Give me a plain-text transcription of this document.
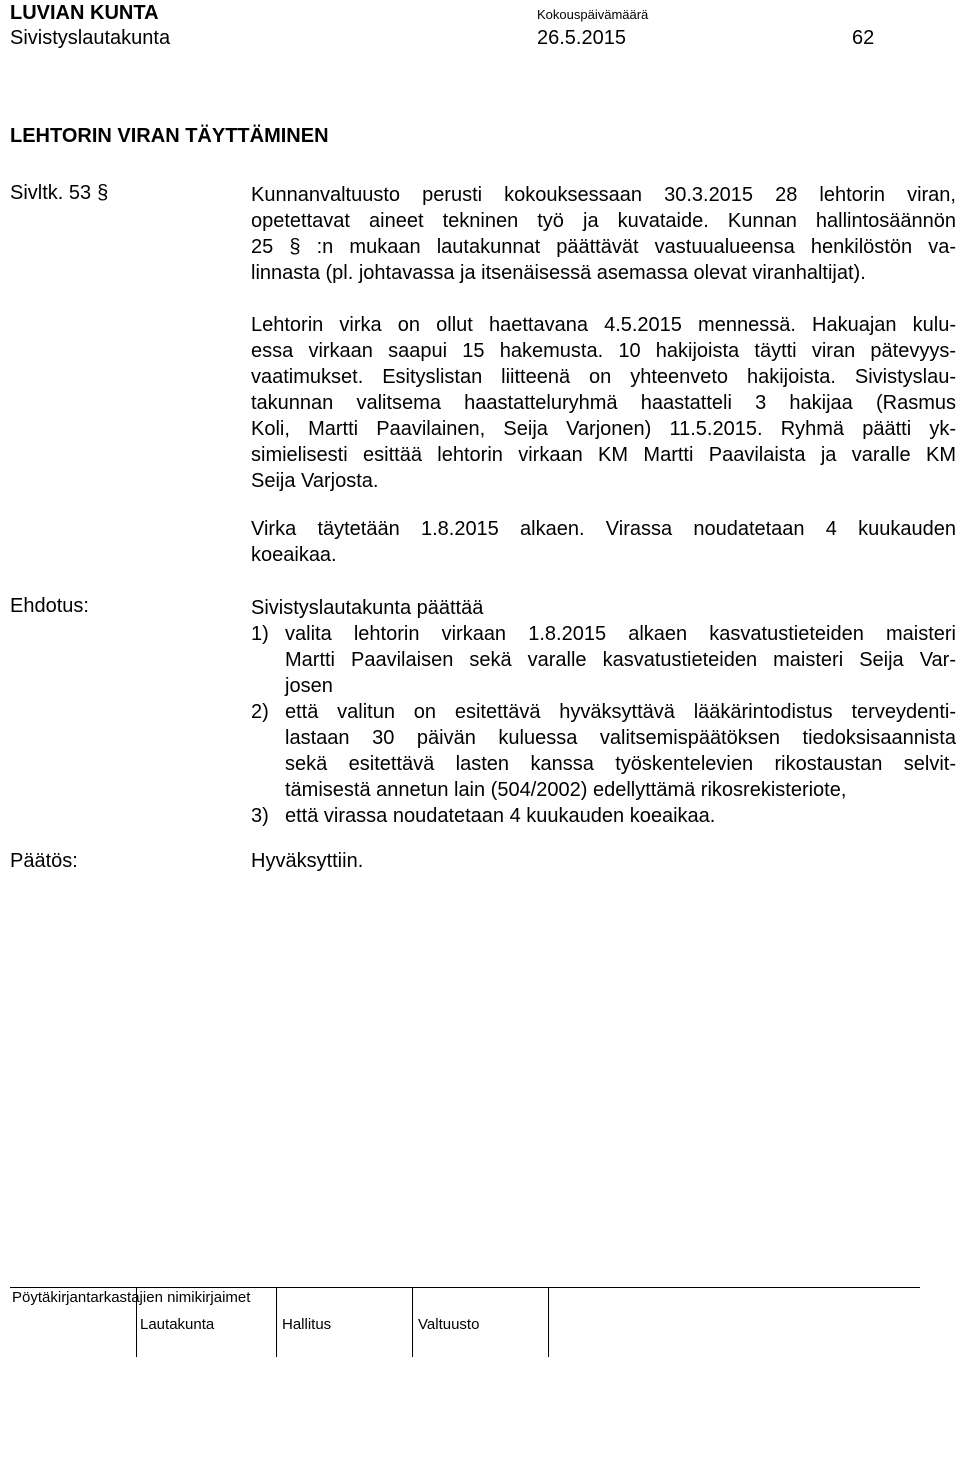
LUVIAN KUNTA
Sivistyslautakunta
Kokouspäivämäärä
26.5.2015	62
LEHTORIN VIRAN TÄYTTÄMINEN
Sivltk. 53 §	Kunnanvaltuusto perusti kokouksessaan 30.3.2015 28 lehtorin viran,
opetettavat aineet tekninen työ ja kuvataide. Kunnan hallintosäännön
25 § :n mukaan lautakunnat päättävät vastuualueensa henkilöstön va-
linnasta (pl. johtavassa ja itsenäisessä asemassa olevat viranhaltijat).
Lehtorin virka on ollut haettavana 4.5.2015 mennessä. Hakuajan kulu-
essa virkaan saapui 15 hakemusta. 10 hakijoista täytti viran pätevyys-
vaatimukset. Esityslistan liitteenä on yhteenveto hakijoista. Sivistyslau-
takunnan valitsema haastatteluryhmä haastatteli 3 hakijaa (Rasmus
Koli, Martti Paavilainen, Seija Varjonen) 11.5.2015. Ryhmä päätti yk-
simielisesti esittää lehtorin virkaan KM Martti Paavilaista ja varalle KM
Seija Varjosta.
Virka täytetään 1.8.2015 alkaen. Virassa noudatetaan 4 kuukauden
koeaikaa.
Ehdotus:	Sivistyslautakunta päättää
1) valita lehtorin virkaan 1.8.2015 alkaen kasvatustieteiden maisteri
Martti Paavilaisen sekä varalle kasvatustieteiden maisteri Seija Var-
josen
2) että valitun on esitettävä hyväksyttävä lääkärintodistus terveydenti-
lastaan 30 päivän kuluessa valitsemispäätöksen tiedoksisaannista
sekä esitettävä lasten kanssa työskentelevien rikostaustan selvit-
tämisestä annetun lain (504/2002) edellyttämä rikosrekisteriote,
3) että virassa noudatetaan 4 kuukauden koeaikaa.
Päätös:	Hyväksyttiin.
Pöytäkirjantarkastajien nimikirjaimet
Lautakunta	Hallitus	Valtuusto
